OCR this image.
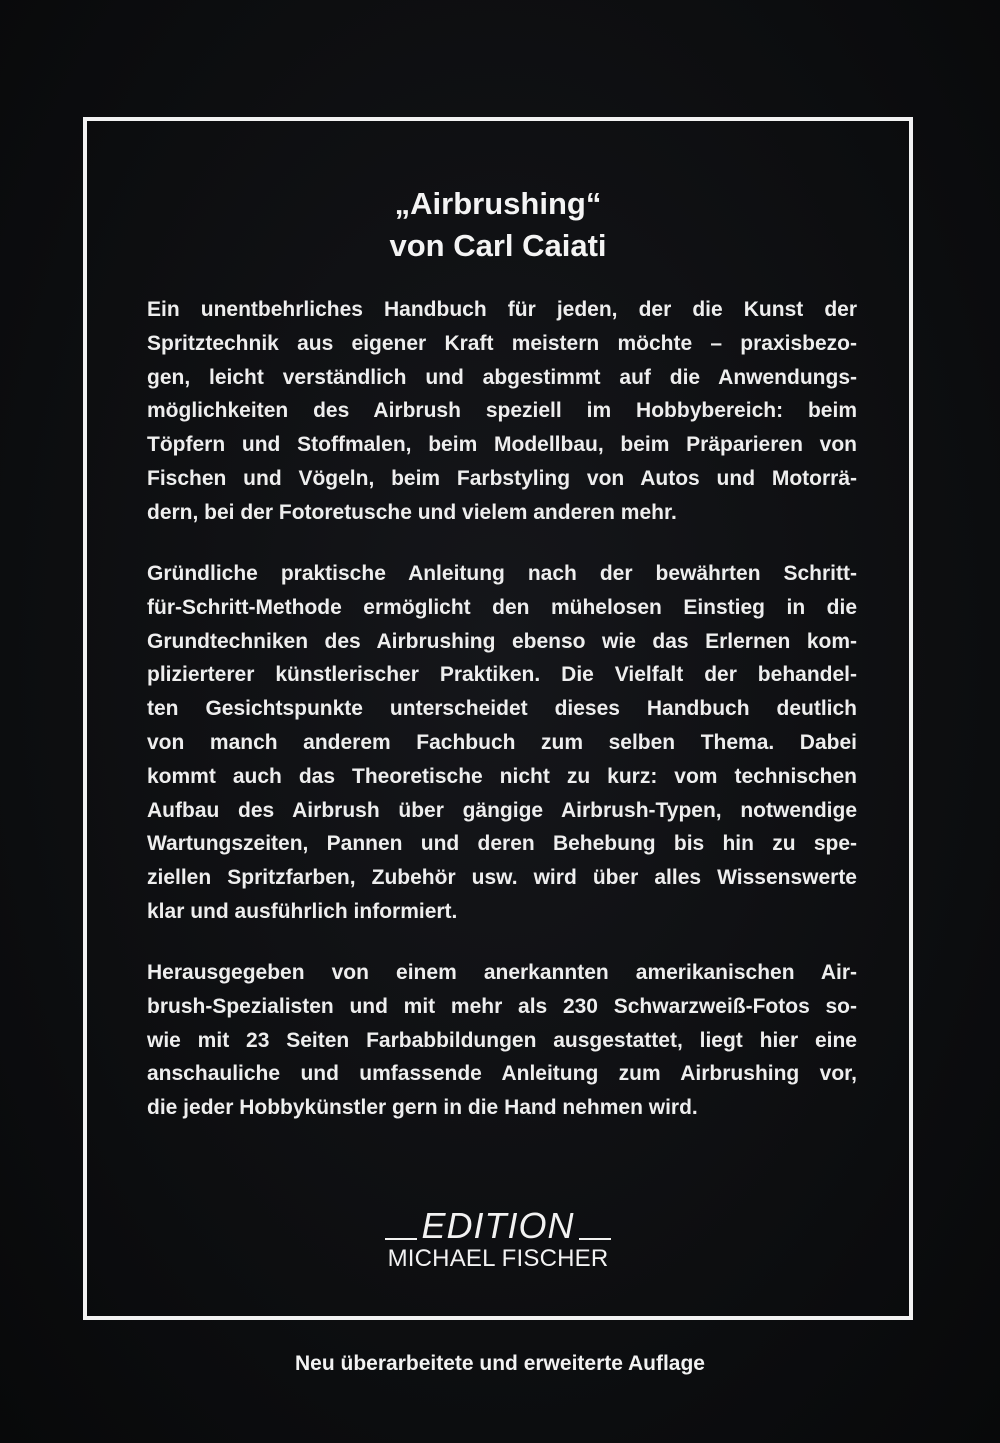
„Airbrushing“
von Carl Caiati
Ein unentbehrliches Handbuch für jeden, der die Kunst der
Spritztechnik aus eigener Kraft meistern möchte – praxisbezo-
gen, leicht verständlich und abgestimmt auf die Anwendungs-
möglichkeiten des Airbrush speziell im Hobbybereich: beim
Töpfern und Stoffmalen, beim Modellbau, beim Präparieren von
Fischen und Vögeln, beim Farbstyling von Autos und Motorrä-
dern, bei der Fotoretusche und vielem anderen mehr.
Gründliche praktische Anleitung nach der bewährten Schritt-
für-Schritt-Methode ermöglicht den mühelosen Einstieg in die
Grundtechniken des Airbrushing ebenso wie das Erlernen kom-
plizierterer künstlerischer Praktiken. Die Vielfalt der behandel-
ten Gesichtspunkte unterscheidet dieses Handbuch deutlich
von manch anderem Fachbuch zum selben Thema. Dabei
kommt auch das Theoretische nicht zu kurz: vom technischen
Aufbau des Airbrush über gängige Airbrush-Typen, notwendige
Wartungszeiten, Pannen und deren Behebung bis hin zu spe-
ziellen Spritzfarben, Zubehör usw. wird über alles Wissenswerte
klar und ausführlich informiert.
Herausgegeben von einem anerkannten amerikanischen Air-
brush-Spezialisten und mit mehr als 230 Schwarzweiß-Fotos so-
wie mit 23 Seiten Farbabbildungen ausgestattet, liegt hier eine
anschauliche und umfassende Anleitung zum Airbrushing vor,
die jeder Hobbykünstler gern in die Hand nehmen wird.
EDITION
MICHAEL FISCHER
Neu überarbeitete und erweiterte Auflage
